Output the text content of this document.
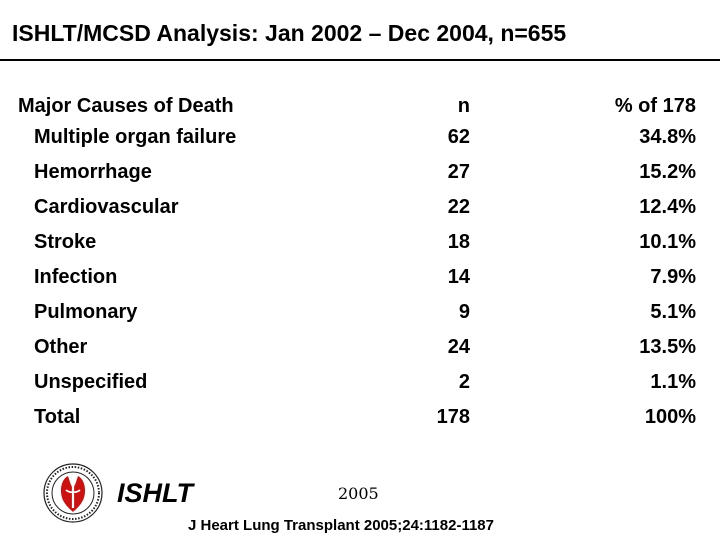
ISHLT/MCSD Analysis: Jan 2002 – Dec 2004, n=655
Major Causes of Death	n	% of 178
Multiple organ failure	62	34.8%
Hemorrhage	27	15.2%
Cardiovascular	22	12.4%
Stroke	18	10.1%
Infection	14	7.9%
Pulmonary	9	5.1%
Other	24	13.5%
Unspecified	2	1.1%
Total	178	100%
ISHLT	2005
J Heart Lung Transplant 2005;24:1182-1187
